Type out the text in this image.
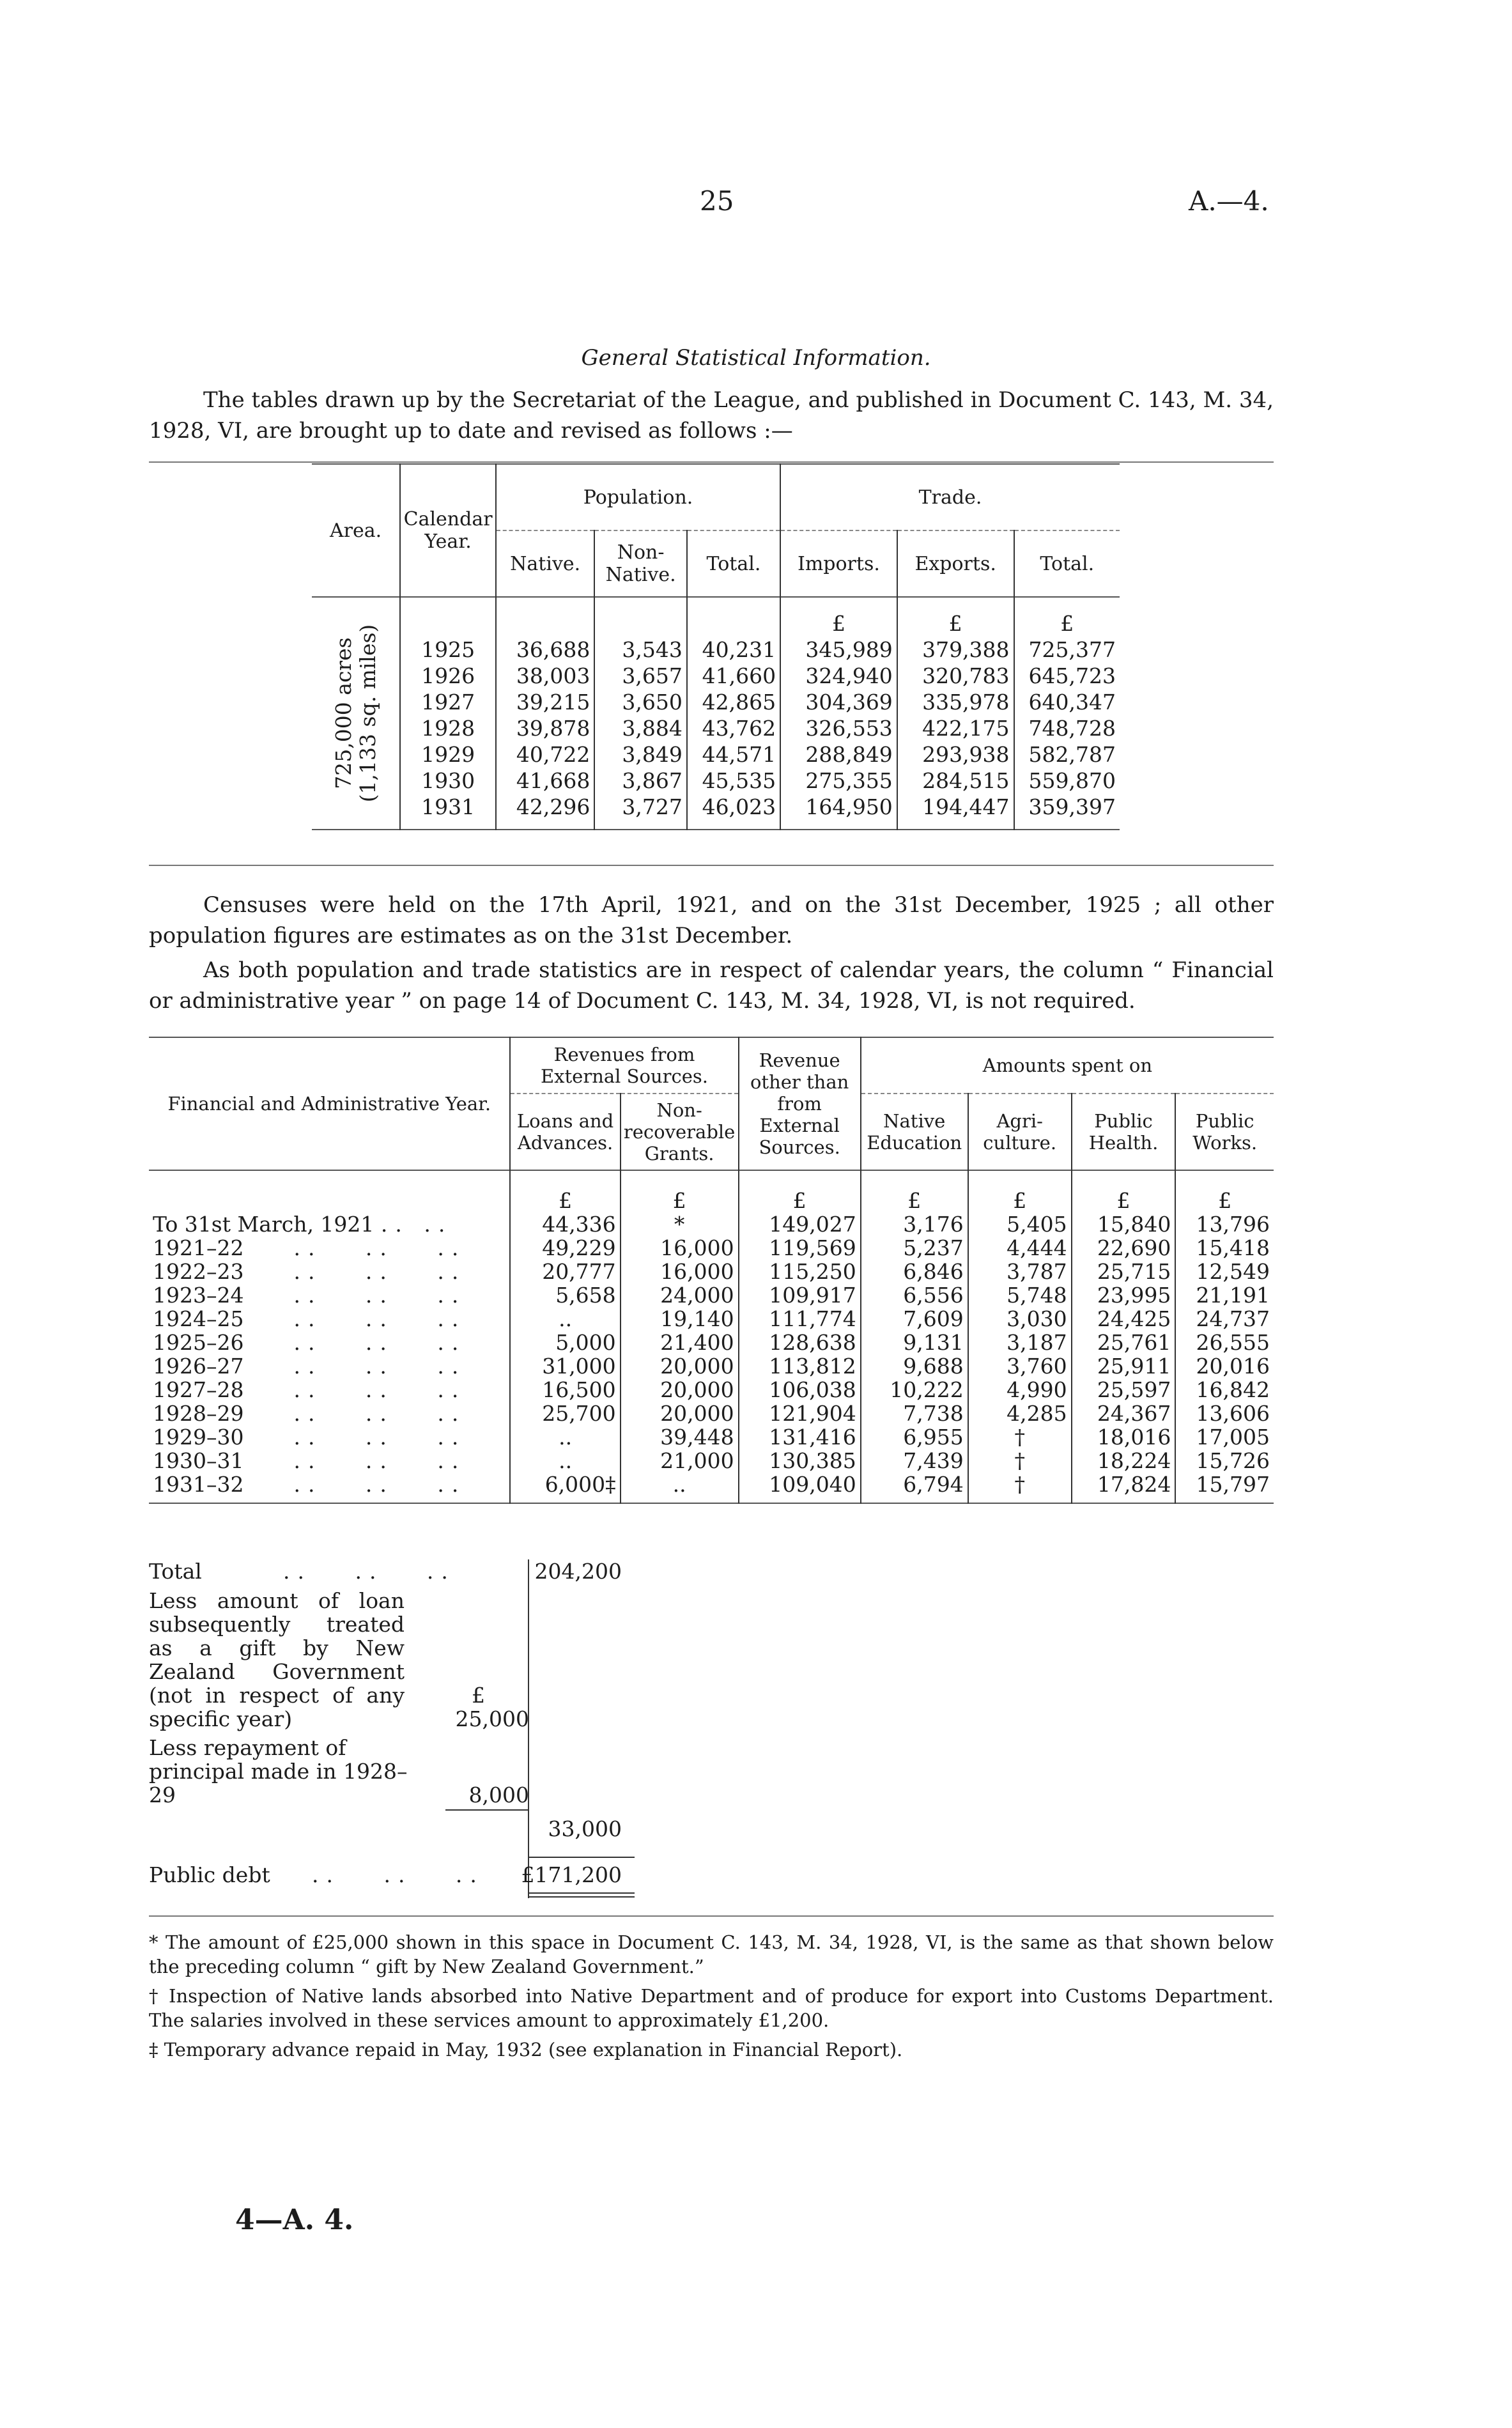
25	A.—4.
General Statistical Information.
The tables drawn up by the Secretariat of the League, and published in Document C. 143, M. 34, 1928, VI, are brought up to date and revised as follows :—
Area.	Calendar Year.	Population.			Trade.		
		Native.	Non-Native.	Total.	Imports.	Exports.	Total.

725,000 acres (1,133 sq. miles)					£	£	£
	1925	36,688	3,543	40,231	345,989	379,388	725,377
	1926	38,003	3,657	41,660	324,940	320,783	645,723
	1927	39,215	3,650	42,865	304,369	335,978	640,347
	1928	39,878	3,884	43,762	326,553	422,175	748,728
	1929	40,722	3,849	44,571	288,849	293,938	582,787
	1930	41,668	3,867	45,535	275,355	284,515	559,870
	1931	42,296	3,727	46,023	164,950	194,447	359,397
Censuses were held on the 17th April, 1921, and on the 31st December, 1925 ; all other population figures are estimates as on the 31st December.
As both population and trade statistics are in respect of calendar years, the column “ Financial or administrative year ” on page 14 of Document C. 143, M. 34, 1928, VI, is not required.
Financial and Administrative Year.	Revenues from External Sources.		Revenue other than from External Sources.	Amounts spent on			
	Loans and Advances.	Non-recoverable Grants.		Native Education	Agri-culture.	Public Health.	Public Works.
	£	£	£	£	£	£	£
To 31st March, 1921 .. ..	44,336	*	149,027	3,176	5,405	15,840	13,796
1921–22    ..   ..   ..	49,229	16,000	119,569	5,237	4,444	22,690	15,418
1922–23    ..   ..   ..	20,777	16,000	115,250	6,846	3,787	25,715	12,549
1923–24    ..   ..   ..	5,658	24,000	109,917	6,556	5,748	23,995	21,191
1924–25    ..   ..   ..	..	19,140	111,774	7,609	3,030	24,425	24,737
1925–26    ..   ..   ..	5,000	21,400	128,638	9,131	3,187	25,761	26,555
1926–27    ..   ..   ..	31,000	20,000	113,812	9,688	3,760	25,911	20,016
1927–28    ..   ..   ..	16,500	20,000	106,038	10,222	4,990	25,597	16,842
1928–29    ..   ..   ..	25,700	20,000	121,904	7,738	4,285	24,367	13,606
1929–30    ..   ..   ..	..	39,448	131,416	6,955	†	18,016	17,005
1930–31    ..   ..   ..	..	21,000	130,385	7,439	†	18,224	15,726
1931–32    ..   ..   ..	6,000‡	..	109,040	6,794	†	17,824	15,797
Total	..   ..   ..	204,200
Less amount of loan subsequently treated as a gift by New Zealand Government (not in respect of any specific year)
£
25,000
Less repayment of principal made in 1928–29	8,000
33,000
Public debt ..   ..   .. £171,200
* The amount of £25,000 shown in this space in Document C. 143, M. 34, 1928, VI, is the same as that shown below the preceding column “ gift by New Zealand Government.”
† Inspection of Native lands absorbed into Native Department and of produce for export into Customs Department. The salaries involved in these services amount to approximately £1,200.
‡ Temporary advance repaid in May, 1932 (see explanation in Financial Report).
4—A. 4.
